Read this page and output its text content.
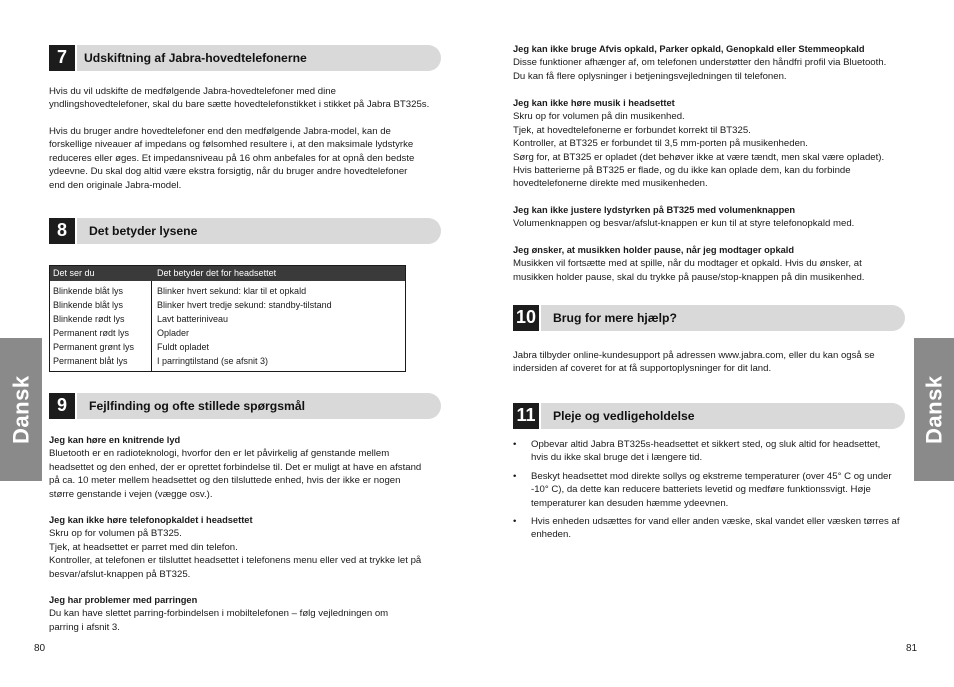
Dansk
7	Udskiftning af Jabra-hovedtelefonerne
Hvis du vil udskifte de medfølgende Jabra-hovedtelefoner med dine
yndlingshovedtelefoner, skal du bare sætte hovedtelefonstikket i stikket på Jabra BT325s.
Hvis du bruger andre hovedtelefoner end den medfølgende Jabra-model, kan de
forskellige niveauer af impedans og følsomhed resultere i, at den maksimale lydstyrke
reduceres eller øges. Et impedansniveau på 16 ohm anbefales for at opnå den bedste
ydeevne. Du skal dog altid være ekstra forsigtig, når du bruger andre hovedtelefoner
end den originale Jabra-model.
8	Det betyder lysene
Det ser du	Det betyder det for headsettet
Blinkende blåt lys	Blinker hvert sekund: klar til et opkald
Blinkende blåt lys	Blinker hvert tredje sekund: standby-tilstand
Blinkende rødt lys	Lavt batteriniveau
Permanent rødt lys	Oplader
Permanent grønt lys	Fuldt opladet
Permanent blåt lys	I parringtilstand (se afsnit 3)
9	Fejlfinding og ofte stillede spørgsmål
Jeg kan høre en knitrende lyd
Bluetooth er en radioteknologi, hvorfor den er let påvirkelig af genstande mellem
headsettet og den enhed, der er oprettet forbindelse til. Det er muligt at have en afstand
på ca. 10 meter mellem headsettet og den tilsluttede enhed, hvis der ikke er nogen
større genstande i vejen (vægge osv.).
Jeg kan ikke høre telefonopkaldet i headsettet
Skru op for volumen på BT325.
Tjek, at headsettet er parret med din telefon.
Kontroller, at telefonen er tilsluttet headsettet i telefonens menu eller ved at trykke let på
besvar/afslut-knappen på BT325.
Jeg har problemer med parringen
Du kan have slettet parring-forbindelsen i mobiltelefonen – følg vejledningen om
parring i afsnit 3.
80
Dansk
Jeg kan ikke bruge Afvis opkald, Parker opkald, Genopkald eller Stemmeopkald
Disse funktioner afhænger af, om telefonen understøtter den håndfri profil via Bluetooth.
Du kan få flere oplysninger i betjeningsvejledningen til telefonen.
Jeg kan ikke høre musik i headsettet
Skru op for volumen på din musikenhed.
Tjek, at hovedtelefonerne er forbundet korrekt til BT325.
Kontroller, at BT325 er forbundet til 3,5 mm-porten på musikenheden.
Sørg for, at BT325 er opladet (det behøver ikke at være tændt, men skal være opladet).
Hvis batterierne på BT325 er flade, og du ikke kan oplade dem, kan du forbinde
hovedtelefonerne direkte med musikenheden.
Jeg kan ikke justere lydstyrken på BT325 med volumenknappen
Volumenknappen og besvar/afslut-knappen er kun til at styre telefonopkald med.
Jeg ønsker, at musikken holder pause, når jeg modtager opkald
Musikken vil fortsætte med at spille, når du modtager et opkald. Hvis du ønsker, at
musikken holder pause, skal du trykke på pause/stop-knappen på din musikenhed.
10 Brug for mere hjælp?
Jabra tilbyder online-kundesupport på adressen www.jabra.com, eller du kan også se
indersiden af coveret for at få supportoplysninger for dit land.
11 Pleje og vedligeholdelse
• Opbevar altid Jabra BT325s-headsettet et sikkert sted, og sluk altid for headsettet,
hvis du ikke skal bruge det i længere tid.
• Beskyt headsettet mod direkte sollys og ekstreme temperaturer (over 45° C og under
-10° C), da dette kan reducere batteriets levetid og medføre funktionssvigt. Høje
temperaturer kan desuden hæmme ydeevnen.
• Hvis enheden udsættes for vand eller anden væske, skal vandet eller væsken tørres af
enheden.
81
